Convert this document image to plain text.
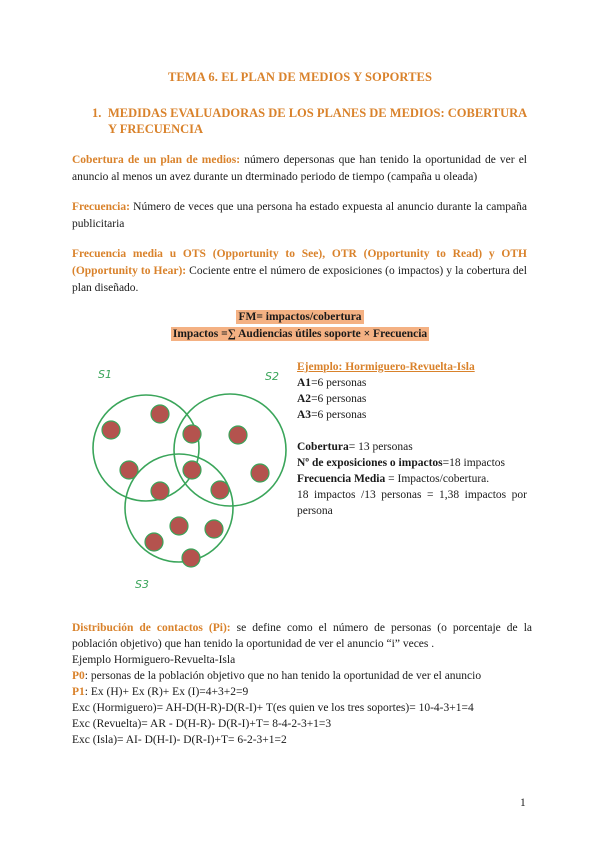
TEMA 6. EL PLAN DE MEDIOS Y SOPORTES
1. MEDIDAS EVALUADORAS DE LOS PLANES DE MEDIOS: COBERTURA Y FRECUENCIA
Cobertura de un plan de medios: número depersonas que han tenido la oportunidad de ver el anuncio al menos un avez durante un dterminado periodo de tiempo (campaña u oleada)
Frecuencia: Número de veces que una persona ha estado expuesta al anuncio durante la campaña publicitaria
Frecuencia media u OTS (Opportunity to See), OTR (Opportunity to Read) y OTH (Opportunity to Hear): Cociente entre el número de exposiciones (o impactos) y la cobertura del plan diseñado.
FM= impactos/cobertura
Impactos =∑ Audiencias útiles soporte × Frecuencia
S1	S2
S3
Ejemplo: Hormiguero-Revuelta-Isla
A1=6 personas
A2=6 personas
A3=6 personas
Cobertura= 13 personas
Nº de exposiciones o impactos=18 impactos
Frecuencia Media = Impactos/cobertura.
18 impactos /13 personas = 1,38 impactos por persona
Distribución de contactos (Pi): se define como el número de personas (o porcentaje de la población objetivo) que han tenido la oportunidad de ver el anuncio “i” veces .
Ejemplo Hormiguero-Revuelta-Isla
P0: personas de la población objetivo que no han tenido la oportunidad de ver el anuncio
P1: Ex (H)+ Ex (R)+ Ex (I)=4+3+2=9
Exc (Hormiguero)= AH-D(H-R)-D(R-I)+ T(es quien ve los tres soportes)= 10-4-3+1=4
Exc (Revuelta)= AR - D(H-R)- D(R-I)+T= 8-4-2-3+1=3
Exc (Isla)= AI- D(H-I)- D(R-I)+T= 6-2-3+1=2
1
